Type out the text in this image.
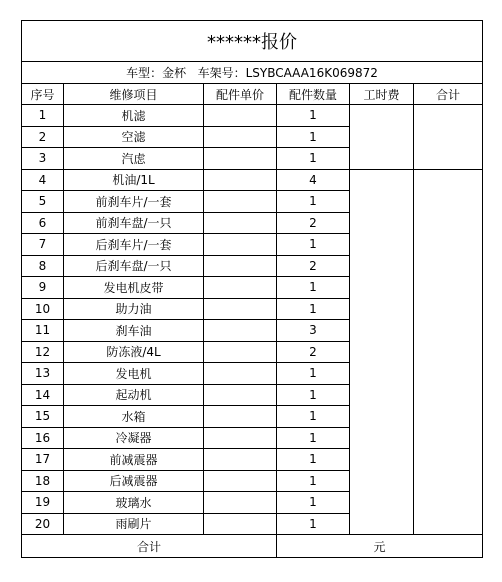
******报价					
车型：金杯   车架号：LSYBCAAA16K069872					
序号	维修项目	配件单价	配件数量	工时费	合计
1	机滤		1		
2	空滤		1		
3	汽虑		1		
4	机油/1L		4		
5	前刹车片/一套		1		
6	前刹车盘/一只		2		
7	后刹车片/一套		1		
8	后刹车盘/一只		2		
9	发电机皮带		1		
10	助力油		1		
11	刹车油		3		
12	防冻液/4L		2		
13	发电机		1		
14	起动机		1		
15	水箱		1		
16	冷凝器		1		
17	前减震器		1		
18	后减震器		1		
19	玻璃水		1		
20	雨刷片		1		
合计			元		
